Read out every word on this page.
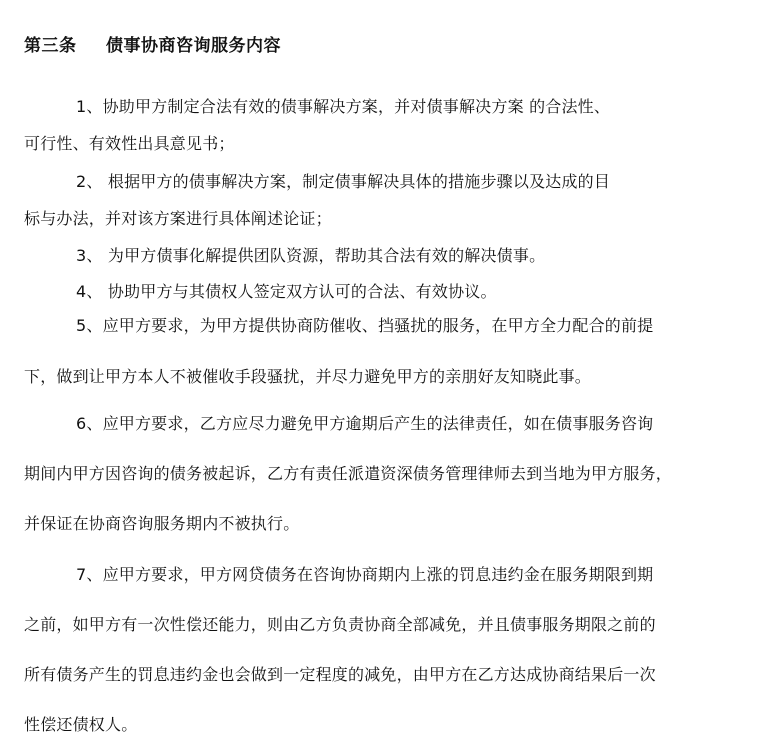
第三条 债事协商咨询服务内容
1、协助甲方制定合法有效的债事解决方案，并对债事解决方案 的合法性、
可行性、有效性出具意见书；
2、 根据甲方的债事解决方案，制定债事解决具体的措施步骤以及达成的目
标与办法，并对该方案进行具体阐述论证；
3、 为甲方债事化解提供团队资源，帮助其合法有效的解决债事。
4、 协助甲方与其债权人签定双方认可的合法、有效协议。
5、应甲方要求，为甲方提供协商防催收、挡骚扰的服务，在甲方全力配合的前提
下，做到让甲方本人不被催收手段骚扰，并尽力避免甲方的亲朋好友知晓此事。
6、应甲方要求，乙方应尽力避免甲方逾期后产生的法律责任，如在债事服务咨询
期间内甲方因咨询的债务被起诉，乙方有责任派遣资深债务管理律师去到当地为甲方服务，
并保证在协商咨询服务期内不被执行。
7、应甲方要求，甲方网贷债务在咨询协商期内上涨的罚息违约金在服务期限到期
之前，如甲方有一次性偿还能力，则由乙方负责协商全部减免，并且债事服务期限之前的
所有债务产生的罚息违约金也会做到一定程度的减免，由甲方在乙方达成协商结果后一次
性偿还债权人。
